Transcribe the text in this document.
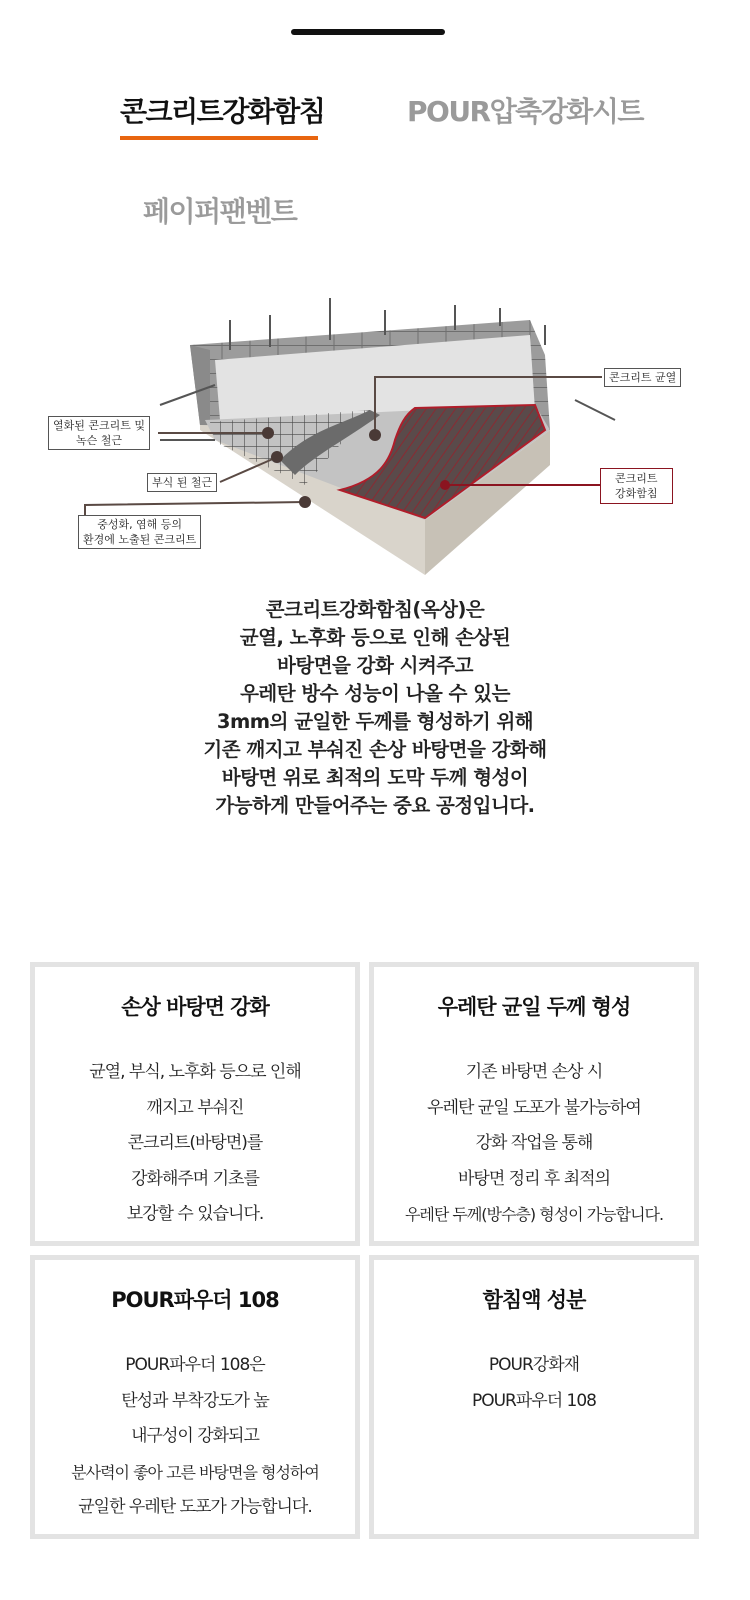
콘크리트강화함침	POUR압축강화시트
페이퍼팬벤트
콘크리트 균열
열화된 콘크리트 및
녹슨 철근
부식 된 철근
중성화, 염해 등의
환경에 노출된 콘크리트
콘크리트
강화함침
콘크리트강화함침(옥상)은
균열, 노후화 등으로 인해 손상된
바탕면을 강화 시켜주고
우레탄 방수 성능이 나올 수 있는
3mm의 균일한 두께를 형성하기 위해
기존 깨지고 부숴진 손상 바탕면을 강화해
바탕면 위로 최적의 도막 두께 형성이
가능하게 만들어주는 중요 공정입니다.
손상 바탕면 강화
균열, 부식, 노후화 등으로 인해
깨지고 부숴진
콘크리트(바탕면)를
강화해주며 기초를
보강할 수 있습니다.
우레탄 균일 두께 형성
기존 바탕면 손상 시
우레탄 균일 도포가 불가능하여
강화 작업을 통해
바탕면 정리 후 최적의
우레탄 두께(방수층) 형성이 가능합니다.
POUR파우더 108
POUR파우더 108은
탄성과 부착강도가 높
내구성이 강화되고
분사력이 좋아 고른 바탕면을 형성하여
균일한 우레탄 도포가 가능합니다.
함침액 성분
POUR강화재
POUR파우더 108
